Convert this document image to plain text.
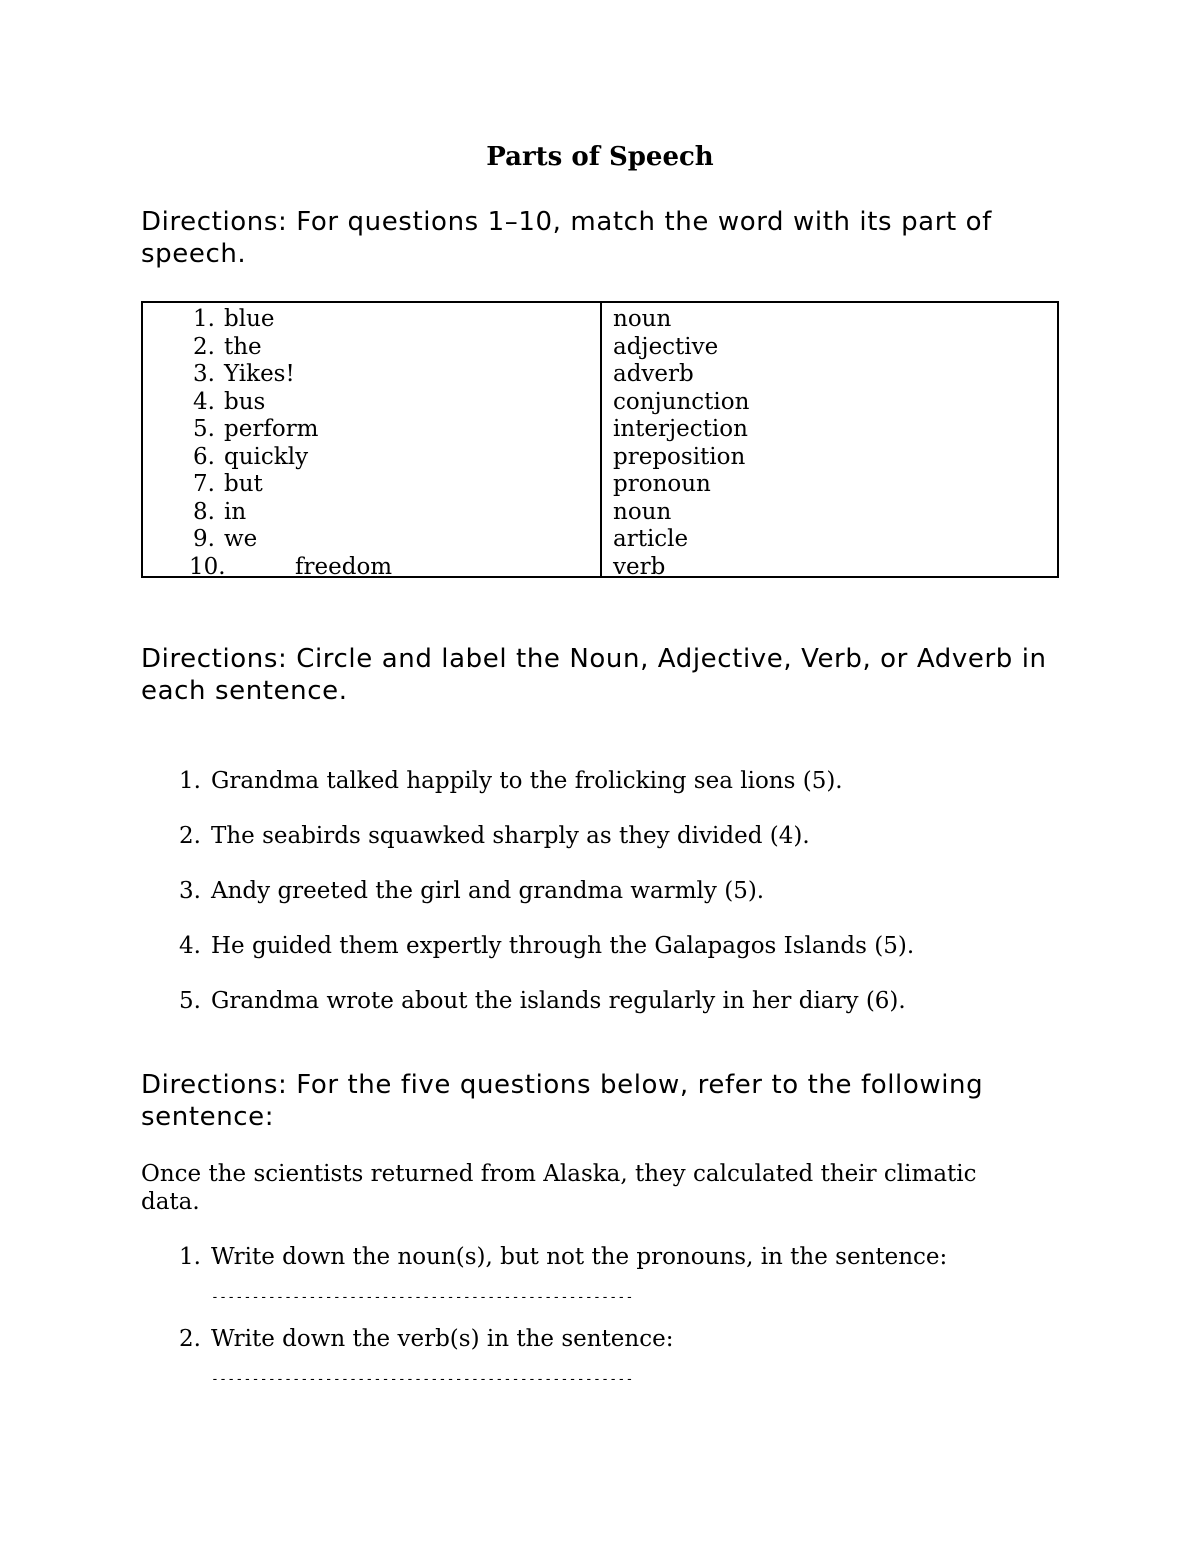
Parts of Speech
Directions: For questions 1–10, match the word with its part of speech.
1. blue
2. the
3. Yikes!
4. bus
5. perform
6. quickly
7. but
8. in
9. we
10.	freedom
noun
adjective
adverb
conjunction
interjection
preposition
pronoun
noun
article
verb
Directions: Circle and label the Noun, Adjective, Verb, or Adverb in each sentence.
1. Grandma talked happily to the frolicking sea lions (5).
2. The seabirds squawked sharply as they divided (4).
3. Andy greeted the girl and grandma warmly (5).
4. He guided them expertly through the Galapagos Islands (5).
5. Grandma wrote about the islands regularly in her diary (6).
Directions: For the five questions below, refer to the following sentence:
Once the scientists returned from Alaska, they calculated their climatic data.
1. Write down the noun(s), but not the pronouns, in the sentence:
----------------------------------------------------
2. Write down the verb(s) in the sentence:
----------------------------------------------------
